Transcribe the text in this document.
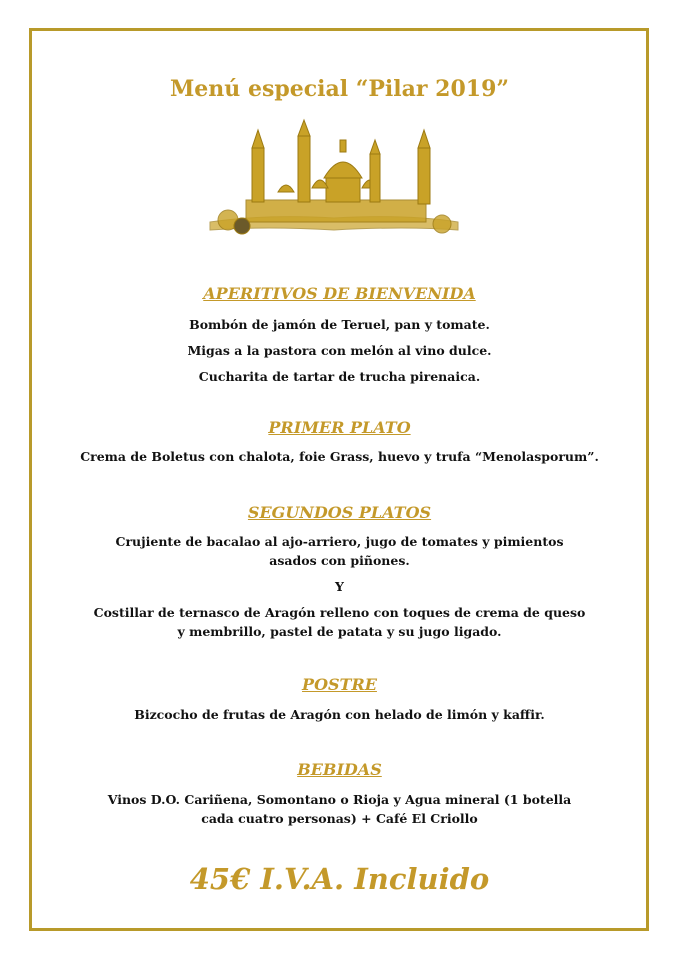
Menú especial “Pilar 2019”
APERITIVOS DE BIENVENIDA
Bombón de jamón de Teruel, pan y tomate.
Migas a la pastora con melón al vino dulce.
Cucharita de tartar de trucha pirenaica.
PRIMER PLATO
Crema de Boletus con chalota, foie Grass, huevo y trufa “Menolasporum”.
SEGUNDOS PLATOS
Crujiente de bacalao al ajo-arriero, jugo de tomates y pimientos asados con piñones.
Y
Costillar de ternasco de Aragón relleno con toques de crema de queso y membrillo, pastel de patata y su jugo ligado.
POSTRE
Bizcocho de frutas de Aragón con helado de limón y kaffir.
BEBIDAS
Vinos D.O. Cariñena, Somontano o Rioja y Agua mineral (1 botella cada cuatro personas) + Café El Criollo
45€ I.V.A. Incluido
